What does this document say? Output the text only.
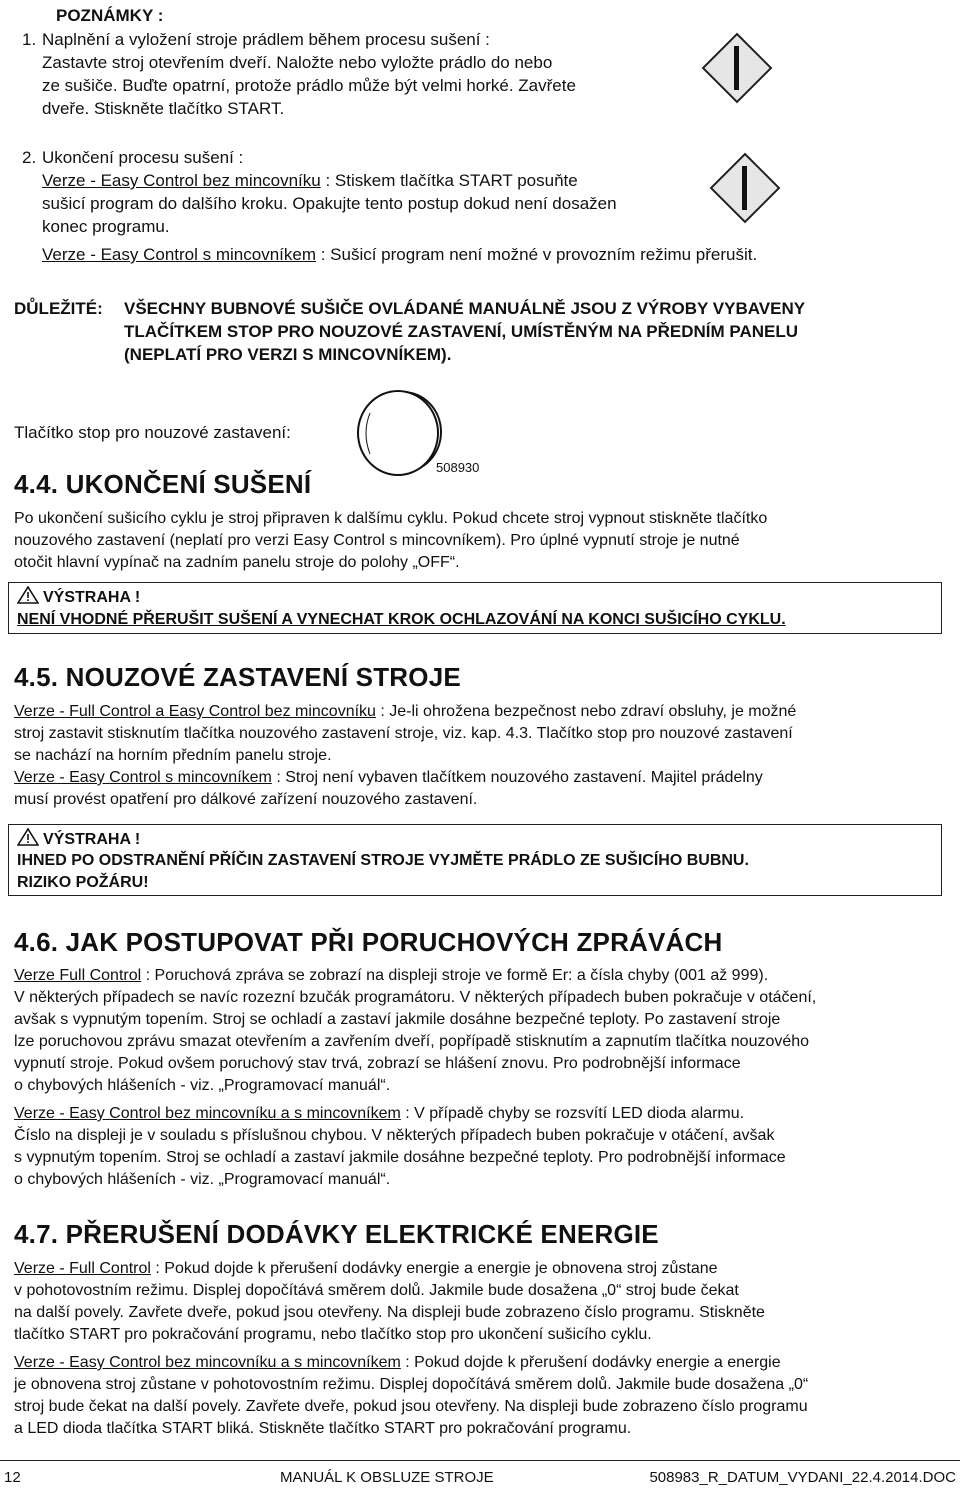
POZNÁMKY :
1. Naplnění a vyložení stroje prádlem během procesu sušení :
Zastavte stroj otevřením dveří. Naložte nebo vyložte prádlo do nebo
ze sušiče. Buďte opatrní, protože prádlo může být velmi horké. Zavřete
dveře. Stiskněte tlačítko START.
2. Ukončení procesu sušení :
Verze - Easy Control bez mincovníku : Stiskem tlačítka START posuňte
sušicí program do dalšího kroku. Opakujte tento postup dokud není dosažen
konec programu.
Verze - Easy Control s mincovníkem : Sušicí program není možné v provozním režimu přerušit.
DŮLEŽITÉ: VŠECHNY BUBNOVÉ SUŠIČE OVLÁDANÉ MANUÁLNĚ JSOU Z VÝROBY VYBAVENY
TLAČÍTKEM STOP PRO NOUZOVÉ ZASTAVENÍ, UMÍSTĚNÝM NA PŘEDNÍM PANELU
(NEPLATÍ PRO VERZI S MINCOVNÍKEM).
Tlačítko stop pro nouzové zastavení:
508930
4.4. UKONČENÍ SUŠENÍ
Po ukončení sušicího cyklu je stroj připraven k dalšímu cyklu. Pokud chcete stroj vypnout stiskněte tlačítko
nouzového zastavení (neplatí pro verzi Easy Control s mincovníkem). Pro úplné vypnutí stroje je nutné
otočit hlavní vypínač na zadním panelu stroje do polohy „OFF“.
VÝSTRAHA !
NENÍ VHODNÉ PŘERUŠIT SUŠENÍ A VYNECHAT KROK OCHLAZOVÁNÍ NA KONCI SUŠICÍHO CYKLU.
4.5. NOUZOVÉ ZASTAVENÍ STROJE
Verze - Full Control a Easy Control bez mincovníku : Je-li ohrožena bezpečnost nebo zdraví obsluhy, je možné
stroj zastavit stisknutím tlačítka nouzového zastavení stroje, viz. kap. 4.3. Tlačítko stop pro nouzové zastavení
se nachází na horním předním panelu stroje.
Verze - Easy Control s mincovníkem : Stroj není vybaven tlačítkem nouzového zastavení. Majitel prádelny
musí provést opatření pro dálkové zařízení nouzového zastavení.
VÝSTRAHA !
IHNED PO ODSTRANĚNÍ PŘÍČIN ZASTAVENÍ STROJE VYJMĚTE PRÁDLO ZE SUŠICÍHO BUBNU.
RIZIKO POŽÁRU!
4.6. JAK POSTUPOVAT PŘI PORUCHOVÝCH ZPRÁVÁCH
Verze Full Control : Poruchová zpráva se zobrazí na displeji stroje ve formě Er: a čísla chyby (001 až 999).
V některých případech se navíc rozezní bzučák programátoru. V některých případech buben pokračuje v otáčení,
avšak s vypnutým topením. Stroj se ochladí a zastaví jakmile dosáhne bezpečné teploty. Po zastavení stroje
lze poruchovou zprávu smazat otevřením a zavřením dveří, popřípadě stisknutím a zapnutím tlačítka nouzového
vypnutí stroje. Pokud ovšem poruchový stav trvá, zobrazí se hlášení znovu. Pro podrobnější informace
o chybových hlášeních - viz. „Programovací manuál“.
Verze - Easy Control bez mincovníku a s mincovníkem : V případě chyby se rozsvítí LED dioda alarmu.
Číslo na displeji je v souladu s příslušnou chybou. V některých případech buben pokračuje v otáčení, avšak
s vypnutým topením. Stroj se ochladí a zastaví jakmile dosáhne bezpečné teploty. Pro podrobnější informace
o chybových hlášeních - viz. „Programovací manuál“.
4.7. PŘERUŠENÍ DODÁVKY ELEKTRICKÉ ENERGIE
Verze - Full Control : Pokud dojde k přerušení dodávky energie a energie je obnovena stroj zůstane
v pohotovostním režimu. Displej dopočítává směrem dolů. Jakmile bude dosažena „0“ stroj bude čekat
na další povely. Zavřete dveře, pokud jsou otevřeny. Na displeji bude zobrazeno číslo programu. Stiskněte
tlačítko START pro pokračování programu, nebo tlačítko stop pro ukončení sušicího cyklu.
Verze - Easy Control bez mincovníku a s mincovníkem : Pokud dojde k přerušení dodávky energie a energie
je obnovena stroj zůstane v pohotovostním režimu. Displej dopočítává směrem dolů. Jakmile bude dosažena „0“
stroj bude čekat na další povely. Zavřete dveře, pokud jsou otevřeny. Na displeji bude zobrazeno číslo programu
a LED dioda tlačítka START bliká. Stiskněte tlačítko START pro pokračování programu.
12	MANUÁL K OBSLUZE STROJE	508983_R_DATUM_VYDANI_22.4.2014.DOC
